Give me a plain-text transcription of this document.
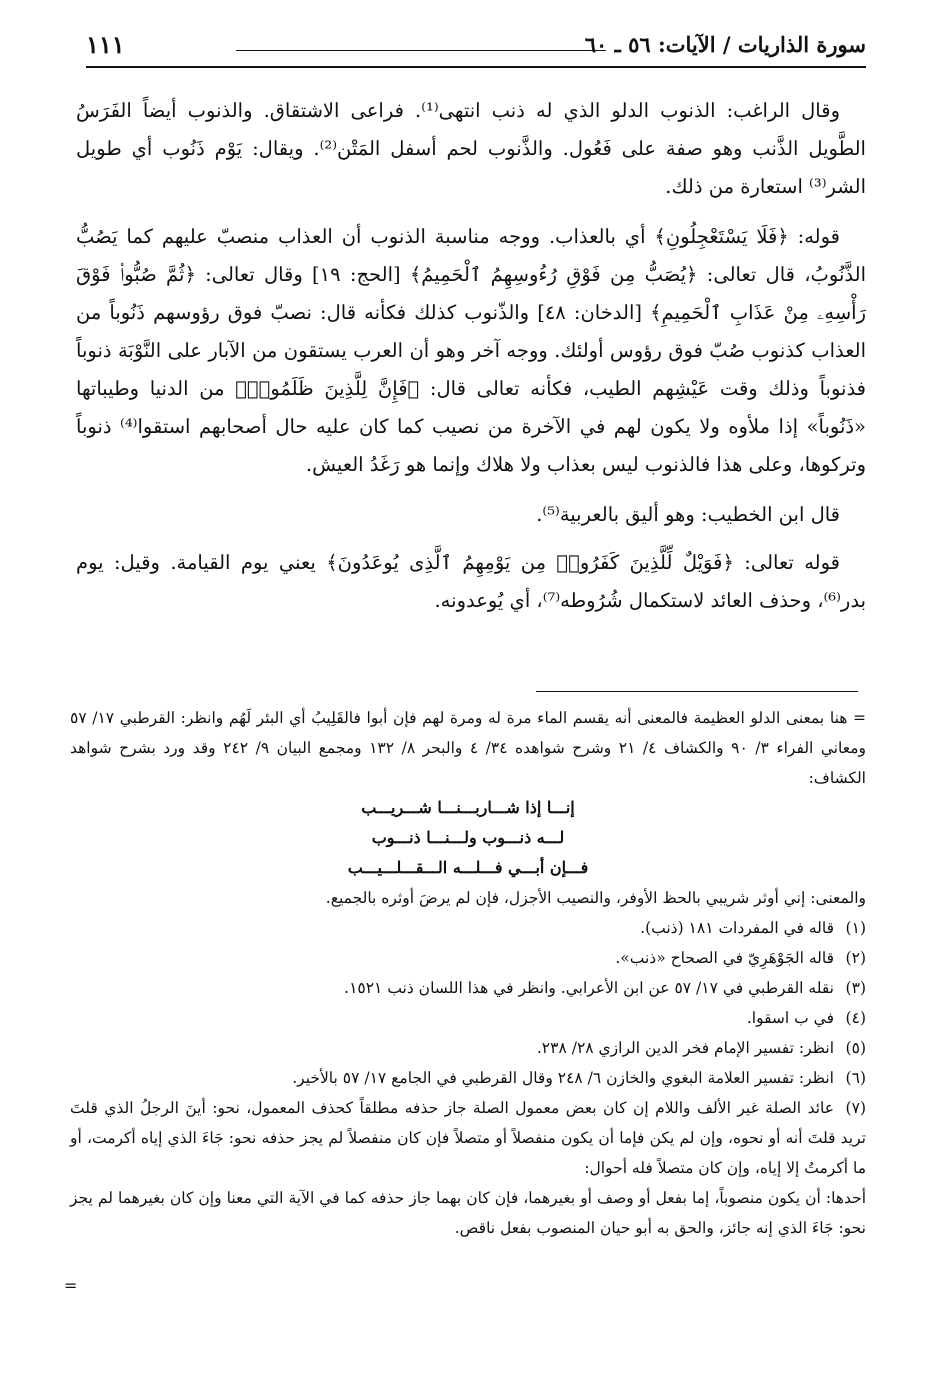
سورة الذاريات / الآيات: ٥٦ ـ ٦٠
١١١

وقال الراغب: الذنوب الدلو الذي له ذنب انتهى⁽¹⁾. فراعى الاشتقاق. والذنوب أيضاً الفَرَسُ الطَّويل الذَّنب وهو صفة على فَعُول. والذَّنوب لحم أسفل المَتْن⁽²⁾. ويقال: يَوْم ذَنُوب أي طويل الشر⁽³⁾ استعارة من ذلك.

قوله: ﴿فَلَا يَسْتَعْجِلُونِ﴾ أي بالعذاب. ووجه مناسبة الذنوب أن العذاب منصبّ عليهم كما يَصُبُّ الذَّنُوبُ، قال تعالى: ﴿يُصَبُّ مِن فَوْقِ رُءُوسِهِمُ ٱلْحَمِيمُ﴾ [الحج: ١٩] وقال تعالى: ﴿ثُمَّ صُبُّوا۟ فَوْقَ رَأْسِهِۦ مِنْ عَذَابِ ٱلْحَمِيمِ﴾ [الدخان: ٤٨] والذّنوب كذلك فكأنه قال: نصبّ فوق رؤوسهم ذَنُوباً من العذاب كذنوب صُبّ فوق رؤوس أولئك. ووجه آخر وهو أن العرب يستقون من الآبار على النَّوْبَة ذنوباً فذنوباً وذلك وقت عَيْشِهم الطيب، فكأنه تعالى قال: ﴿فَإِنَّ لِلَّذِينَ ظَلَمُوا۟﴾ من الدنيا وطيباتها «ذَنُوباً» إذا ملأوه ولا يكون لهم في الآخرة من نصيب كما كان عليه حال أصحابهم استقوا⁽⁴⁾ ذنوباً وتركوها، وعلى هذا فالذنوب ليس بعذاب ولا هلاك وإنما هو رَغَدُ العيش.

قال ابن الخطيب: وهو أليق بالعربية⁽⁵⁾.

قوله تعالى: ﴿فَوَيْلٌ لِّلَّذِينَ كَفَرُوا۟ مِن يَوْمِهِمُ ٱلَّذِى يُوعَدُونَ﴾ يعني يوم القيامة. وقيل: يوم بدر⁽⁶⁾، وحذف العائد لاستكمال شُرُوطه⁽⁷⁾، أي يُوعدونه.

= هنا بمعنى الدلو العظيمة فالمعنى أنه يقسم الماء مرة له ومرة لهم فإن أبوا فالقَلِيبُ أي البئر لَهُم وانظر: القرطبي ١٧/ ٥٧ ومعاني الفراء ٣/ ٩٠ والكشاف ٤/ ٢١ وشرح شواهده ٣٤/ ٤ والبحر ٨/ ١٣٢ ومجمع البيان ٩/ ٢٤٢ وقد ورد بشرح شواهد الكشاف:

إنـــا إذا شـــاربـــنـــا شـــريـــب
لـــه ذنـــوب ولـــنـــا ذنـــوب
فـــإن أبـــي فـــلـــه الـــقـــلـــيـــب

والمعنى: إني أوثر شريبي بالحظ الأوفر، والنصيب الأجزل، فإن لم يرضَ أوثره بالجميع.

(١)قاله في المفردات ١٨١ (ذنب).

(٢)قاله الجَوْهَرِيّ في الصحاح «ذنب».

(٣)نقله القرطبي في ١٧/ ٥٧ عن ابن الأعرابي. وانظر في هذا اللسان ذنب ١٥٢١.

(٤)في ب اسقوا.

(٥)انظر: تفسير الإمام فخر الدين الرازي ٢٨/ ٢٣٨.

(٦)انظر: تفسير العلامة البغوي والخازن ٦/ ٢٤٨ وقال القرطبي في الجامع ١٧/ ٥٧ بالأخير.

(٧)عائد الصلة غير الألف واللام إن كان بعض معمول الصلة جاز حذفه مطلقاً كحذف المعمول، نحو: أينَ الرجلُ الذي قلتَ تريد قلتَ أنه أو نحوه، وإن لم يكن فإما أن يكون منفصلاً أو متصلاً فإن كان منفصلاً لم يجز حذفه نحو: جَاءَ الذي إياه أكرمت، أو ما أكرمتُ إلا إياه، وإن كان متصلاً فله أحوال:

أحدها: أن يكون منصوباً، إما بفعل أو وصف أو بغيرهما، فإن كان بهما جاز حذفه كما في الآية التي معنا وإن كان بغيرهما لم يجز نحو: جَاءَ الذي إنه جائز، والحق به أبو حيان المنصوب بفعل ناقص.

=
